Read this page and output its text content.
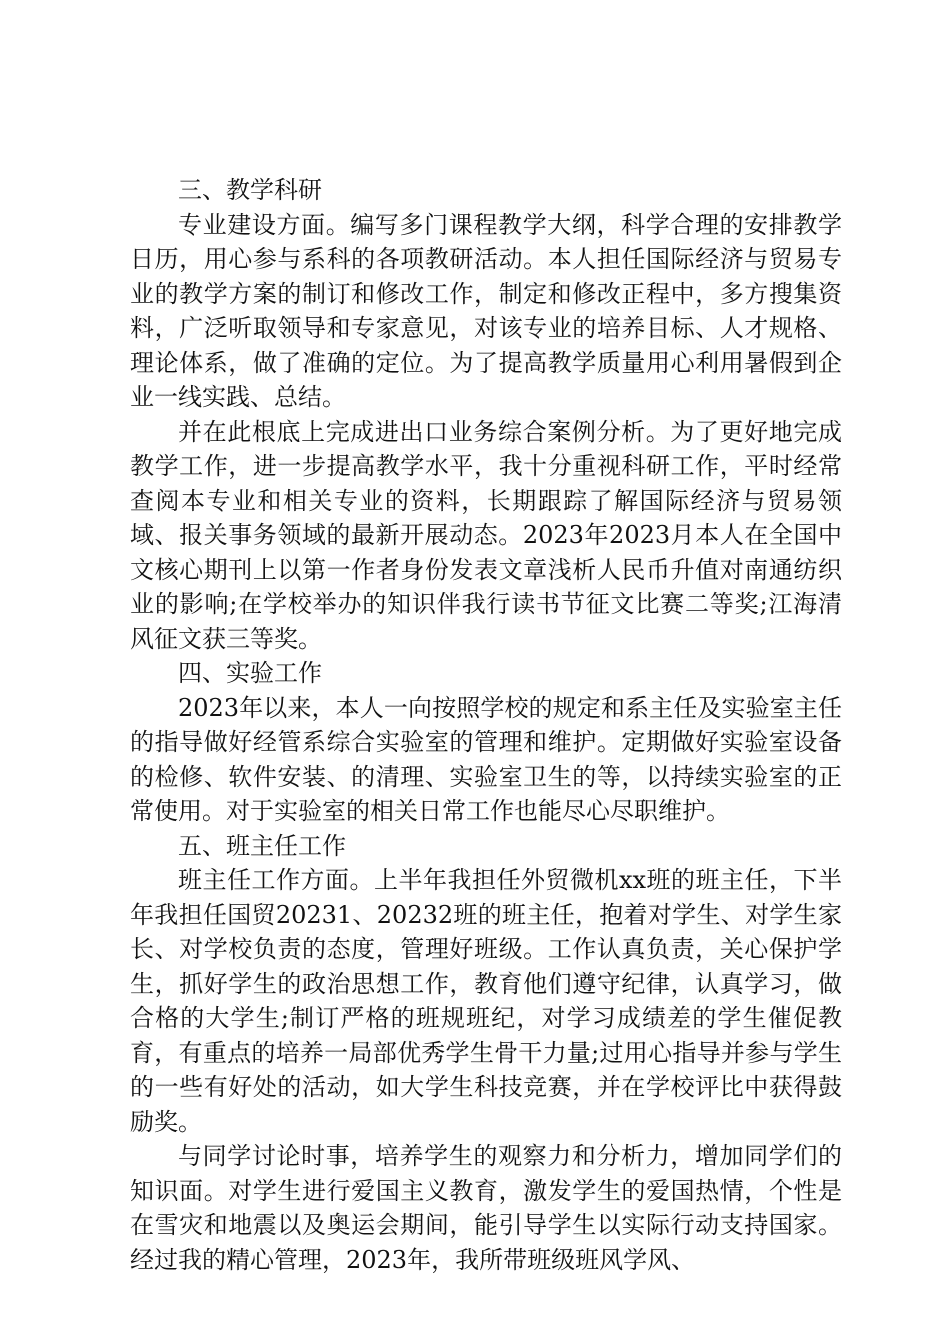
三、教学科研

专业建设方面。编写多门课程教学大纲，科学合理的安排教学日历，用心参与系科的各项教研活动。本人担任国际经济与贸易专业的教学方案的制订和修改工作，制定和修改正程中，多方搜集资料，广泛听取领导和专家意见，对该专业的培养目标、人才规格、理论体系，做了准确的定位。为了提高教学质量用心利用暑假到企业一线实践、总结。

并在此根底上完成进出口业务综合案例分析。为了更好地完成教学工作，进一步提高教学水平，我十分重视科研工作，平时经常查阅本专业和相关专业的资料，长期跟踪了解国际经济与贸易领域、报关事务领域的最新开展动态。2023年2023月本人在全国中文核心期刊上以第一作者身份发表文章浅析人民币升值对南通纺织业的影响;在学校举办的知识伴我行读书节征文比赛二等奖;江海清风征文获三等奖。

四、实验工作

2023年以来，本人一向按照学校的规定和系主任及实验室主任的指导做好经管系综合实验室的管理和维护。定期做好实验室设备的检修、软件安装、的清理、实验室卫生的等，以持续实验室的正常使用。对于实验室的相关日常工作也能尽心尽职维护。

五、班主任工作

班主任工作方面。上半年我担任外贸微机xx班的班主任，下半年我担任国贸20231、20232班的班主任，抱着对学生、对学生家长、对学校负责的态度，管理好班级。工作认真负责，关心保护学生，抓好学生的政治思想工作，教育他们遵守纪律，认真学习，做合格的大学生;制订严格的班规班纪，对学习成绩差的学生催促教育，有重点的培养一局部优秀学生骨干力量;过用心指导并参与学生的一些有好处的活动，如大学生科技竞赛，并在学校评比中获得鼓励奖。

与同学讨论时事，培养学生的观察力和分析力，增加同学们的知识面。对学生进行爱国主义教育，激发学生的爱国热情，个性是在雪灾和地震以及奥运会期间，能引导学生以实际行动支持国家。经过我的精心管理，2023年，我所带班级班风学风、
